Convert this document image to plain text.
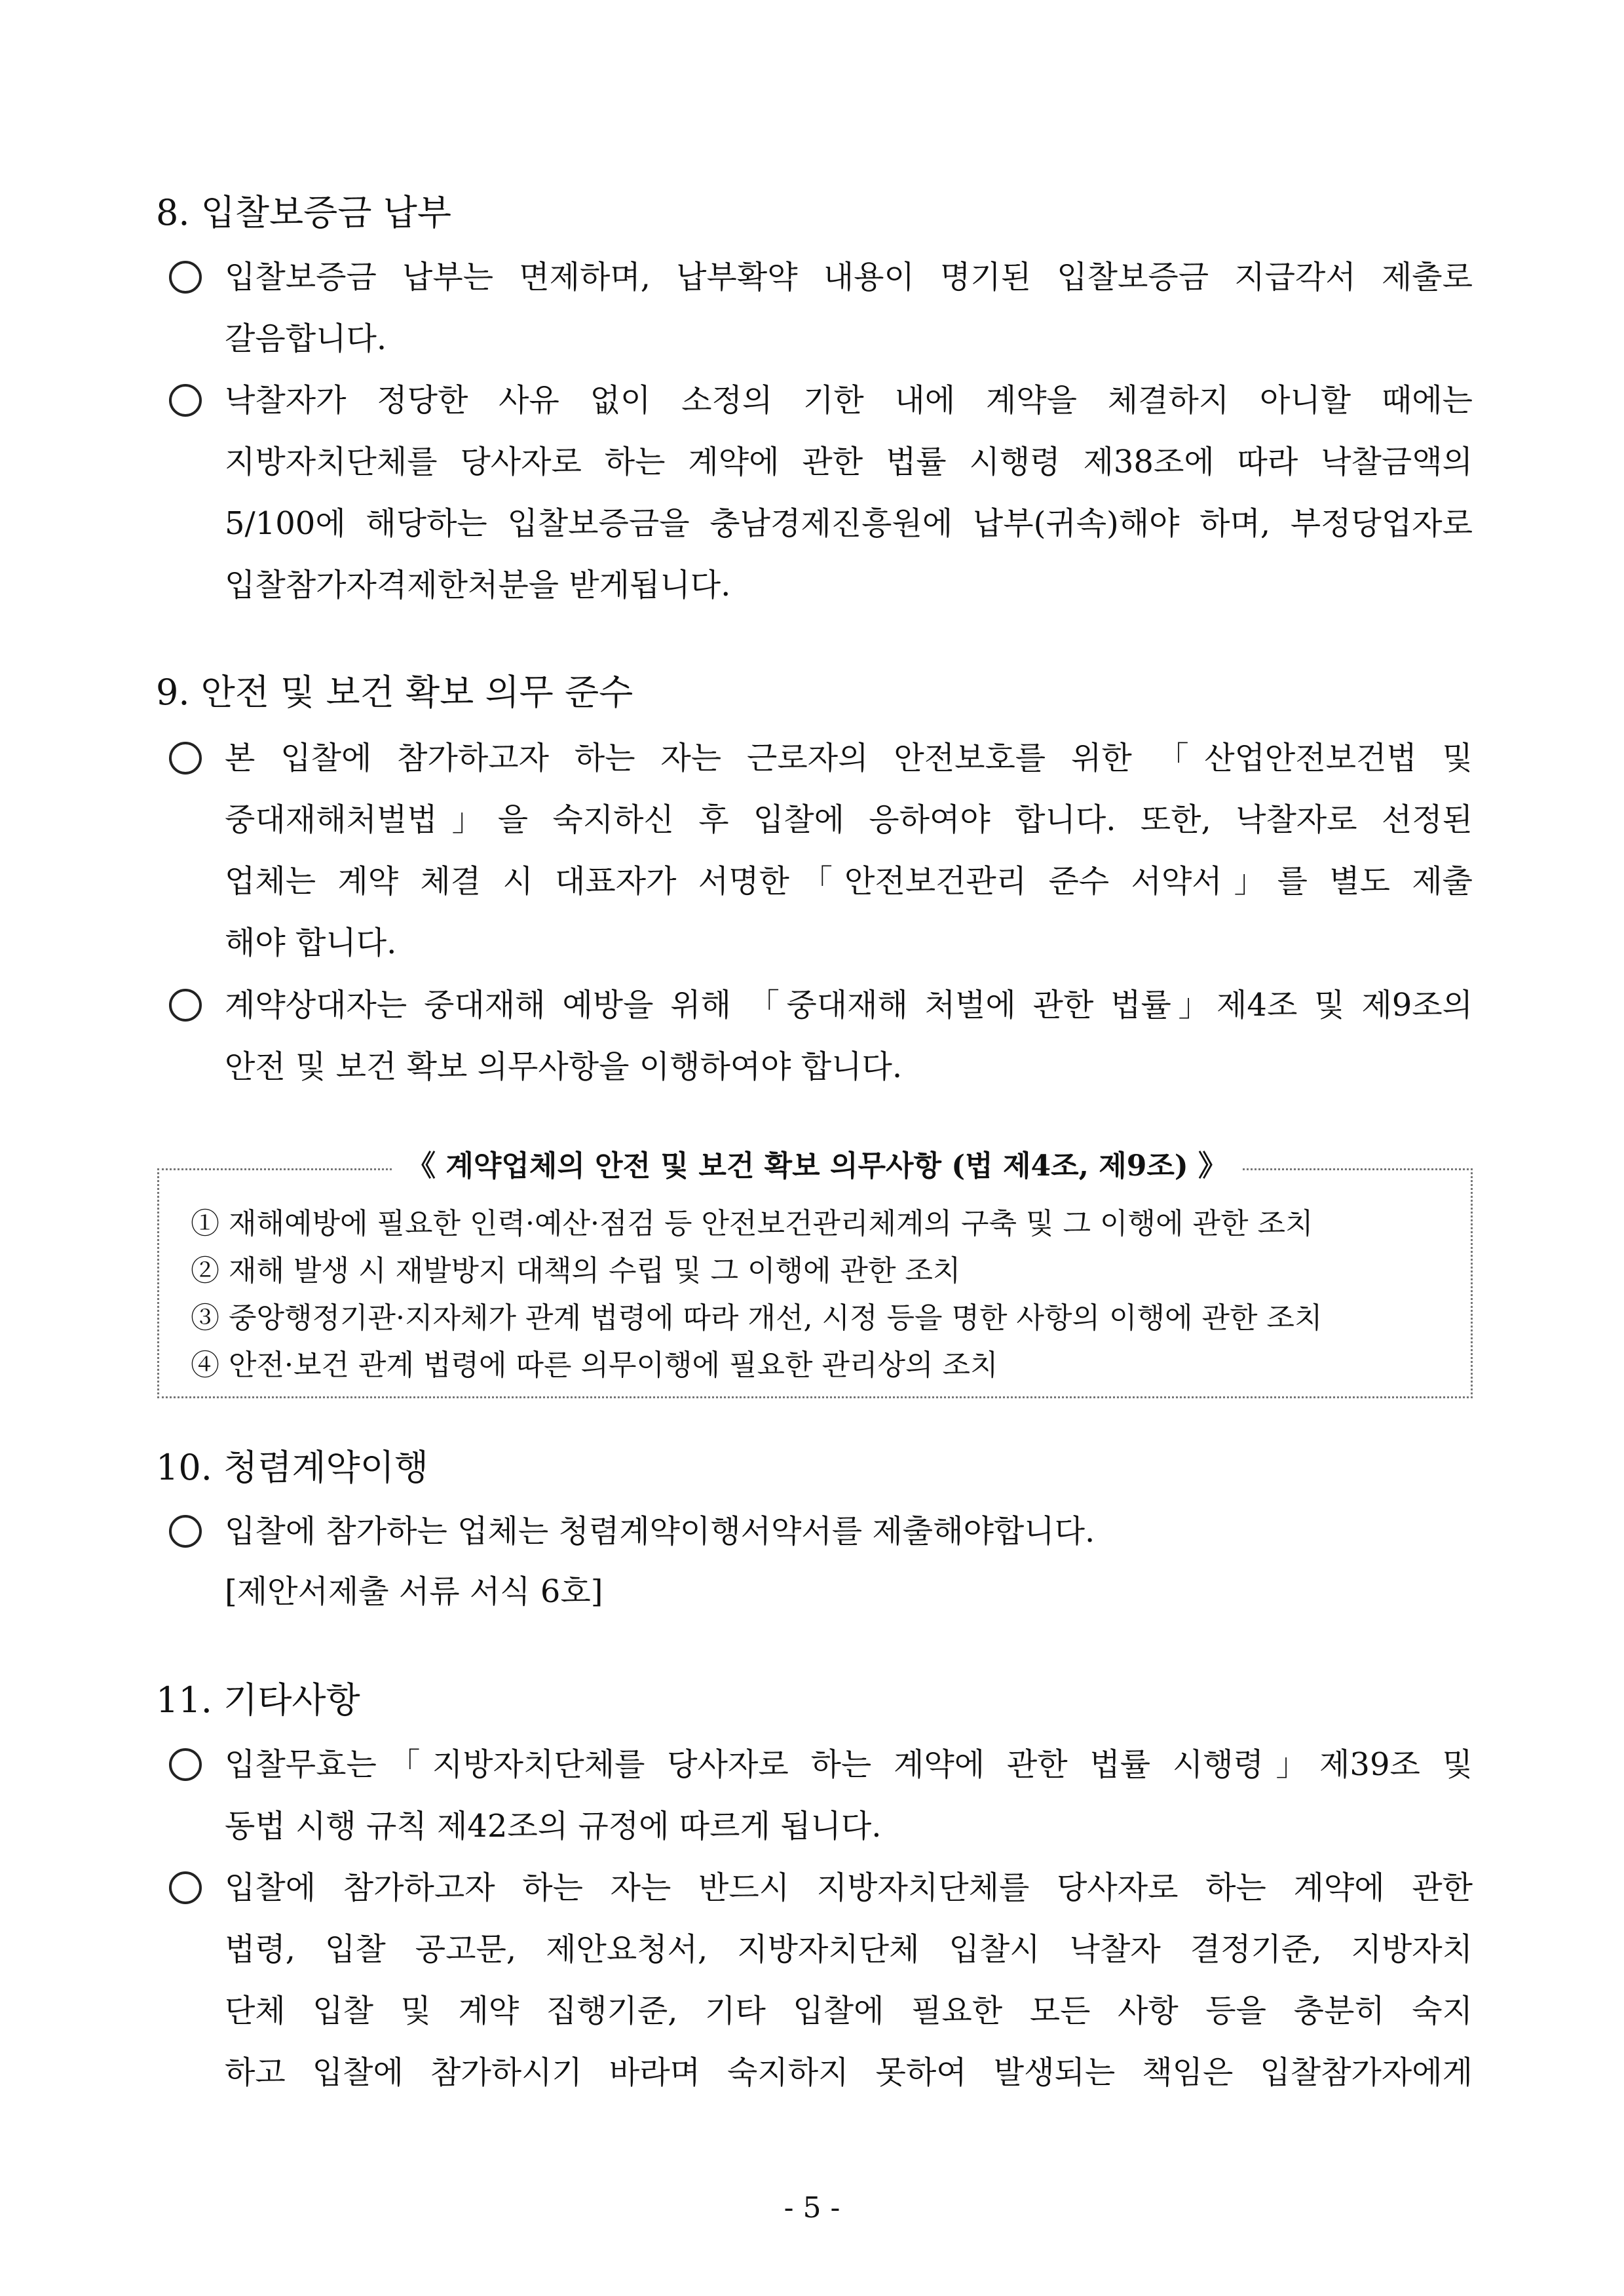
8. 입찰보증금 납부
입찰보증금 납부는 면제하며, 납부확약 내용이 명기된 입찰보증금 지급각서 제출로
갈음합니다.
낙찰자가 정당한 사유 없이 소정의 기한 내에 계약을 체결하지 아니할 때에는
지방자치단체를 당사자로 하는 계약에 관한 법률 시행령 제38조에 따라 낙찰금액의
5/100에 해당하는 입찰보증금을 충남경제진흥원에 납부(귀속)해야 하며, 부정당업자로
입찰참가자격제한처분을 받게됩니다.
9. 안전 및 보건 확보 의무 준수
본 입찰에 참가하고자 하는 자는 근로자의 안전보호를 위한 「산업안전보건법 및
중대재해처벌법」을 숙지하신 후 입찰에 응하여야 합니다. 또한, 낙찰자로 선정된
업체는 계약 체결 시 대표자가 서명한「안전보건관리 준수 서약서」를 별도 제출
해야 합니다.
계약상대자는 중대재해 예방을 위해 「중대재해 처벌에 관한 법률」제4조 및 제9조의
안전 및 보건 확보 의무사항을 이행하여야 합니다.
《 계약업체의 안전 및 보건 확보 의무사항 (법 제4조, 제9조) 》
① 재해예방에 필요한 인력·예산·점검 등 안전보건관리체계의 구축 및 그 이행에 관한 조치
② 재해 발생 시 재발방지 대책의 수립 및 그 이행에 관한 조치
③ 중앙행정기관·지자체가 관계 법령에 따라 개선, 시정 등을 명한 사항의 이행에 관한 조치
④ 안전·보건 관계 법령에 따른 의무이행에 필요한 관리상의 조치
10. 청렴계약이행
입찰에 참가하는 업체는 청렴계약이행서약서를 제출해야합니다.
[제안서제출 서류 서식 6호]
11. 기타사항
입찰무효는「지방자치단체를 당사자로 하는 계약에 관한 법률 시행령」제39조 및
동법 시행 규칙 제42조의 규정에 따르게 됩니다.
입찰에 참가하고자 하는 자는 반드시 지방자치단체를 당사자로 하는 계약에 관한
법령, 입찰 공고문, 제안요청서, 지방자치단체 입찰시 낙찰자 결정기준, 지방자치
단체 입찰 및 계약 집행기준, 기타 입찰에 필요한 모든 사항 등을 충분히 숙지
하고 입찰에 참가하시기 바라며 숙지하지 못하여 발생되는 책임은 입찰참가자에게
- 5 -
